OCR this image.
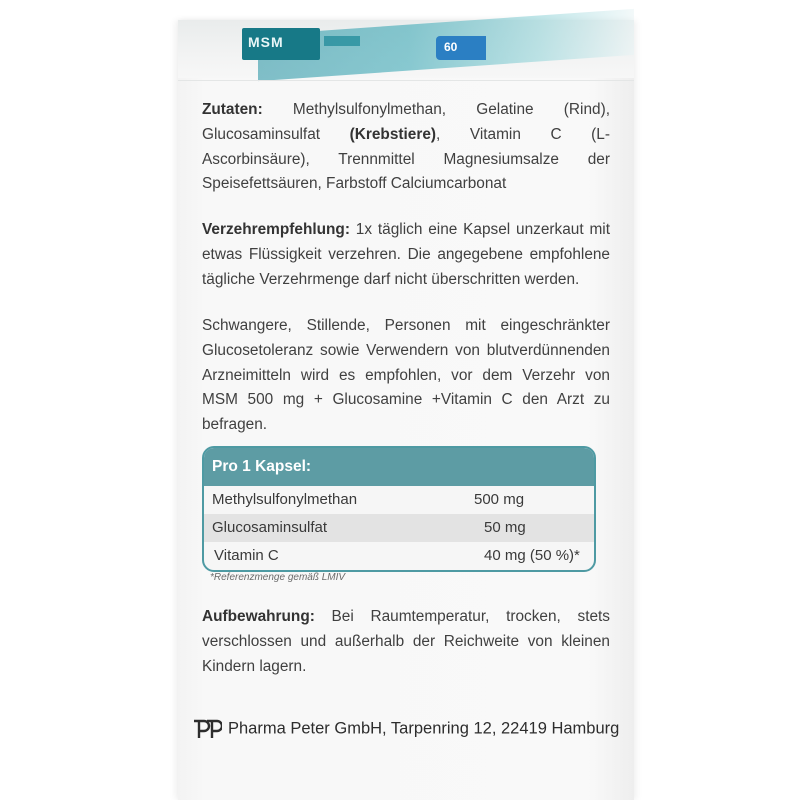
MSM	60
Zutaten: Methylsulfonylmethan, Gelatine (Rind), Glucosaminsulfat (Krebstiere), Vitamin C (L-Ascorbinsäure), Trennmittel Magnesiumsalze der Speisefettsäuren, Farbstoff Calciumcarbonat
Verzehrempfehlung: 1x täglich eine Kapsel unzerkaut mit etwas Flüssigkeit verzehren. Die angegebene empfohlene tägliche Verzehrmenge darf nicht überschritten werden.
Schwangere, Stillende, Personen mit eingeschränkter Glucosetoleranz sowie Verwendern von blutverdünnenden Arzneimitteln wird es empfohlen, vor dem Verzehr von MSM 500 mg + Glucosamine +Vitamin C den Arzt zu befragen.
Pro 1 Kapsel:
Methylsulfonylmethan	500 mg
Glucosaminsulfat	50 mg
Vitamin C	40 mg (50 %)*
*Referenzmenge gemäß LMIV
Aufbewahrung: Bei Raumtemperatur, trocken, stets verschlossen und außerhalb der Reichweite von kleinen Kindern lagern.
Pharma Peter GmbH, Tarpenring 12, 22419 Hamburg
